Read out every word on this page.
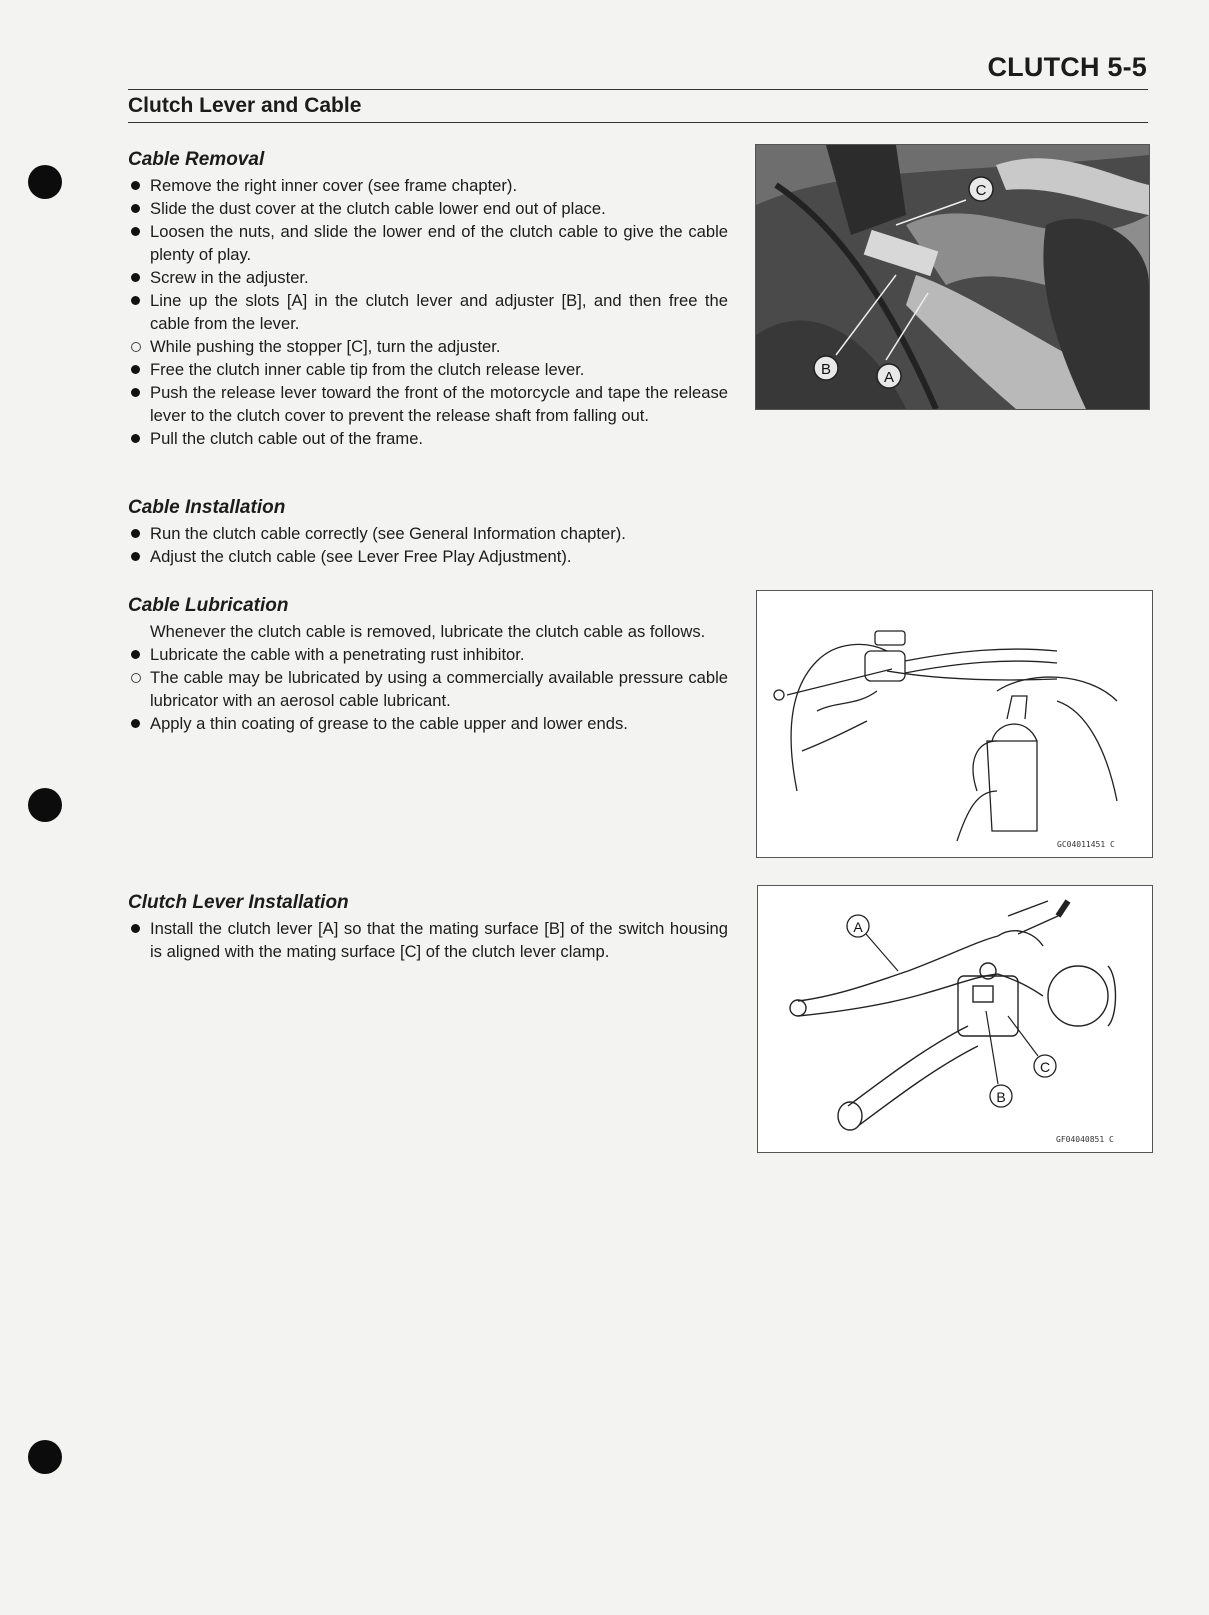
CLUTCH 5-5
Clutch Lever and Cable
Cable Removal
Remove the right inner cover (see frame chapter).
Slide the dust cover at the clutch cable lower end out of place.
Loosen the nuts, and slide the lower end of the clutch cable to give the cable plenty of play.
Screw in the adjuster.
Line up the slots [A] in the clutch lever and adjuster [B], and then free the cable from the lever.
While pushing the stopper [C], turn the adjuster.
Free the clutch inner cable tip from the clutch release lever.
Push the release lever toward the front of the motorcycle and tape the release lever to the clutch cover to prevent the release shaft from falling out.
Pull the clutch cable out of the frame.
Cable Installation
Run the clutch cable correctly (see General Information chapter).
Adjust the clutch cable (see Lever Free Play Adjustment).
Cable Lubrication

Whenever the clutch cable is removed, lubricate the clutch cable as follows.

Lubricate the cable with a penetrating rust inhibitor.
The cable may be lubricated by using a commercially available pressure cable lubricator with an aerosol cable lubricant.
Apply a thin coating of grease to the cable upper and lower ends.
Clutch Lever Installation
Install the clutch lever [A] so that the mating surface [B] of the switch housing is aligned with the mating surface [C] of the clutch lever clamp.
C
B	A
GC04011451 C
A
C
B
GF04040851 C
